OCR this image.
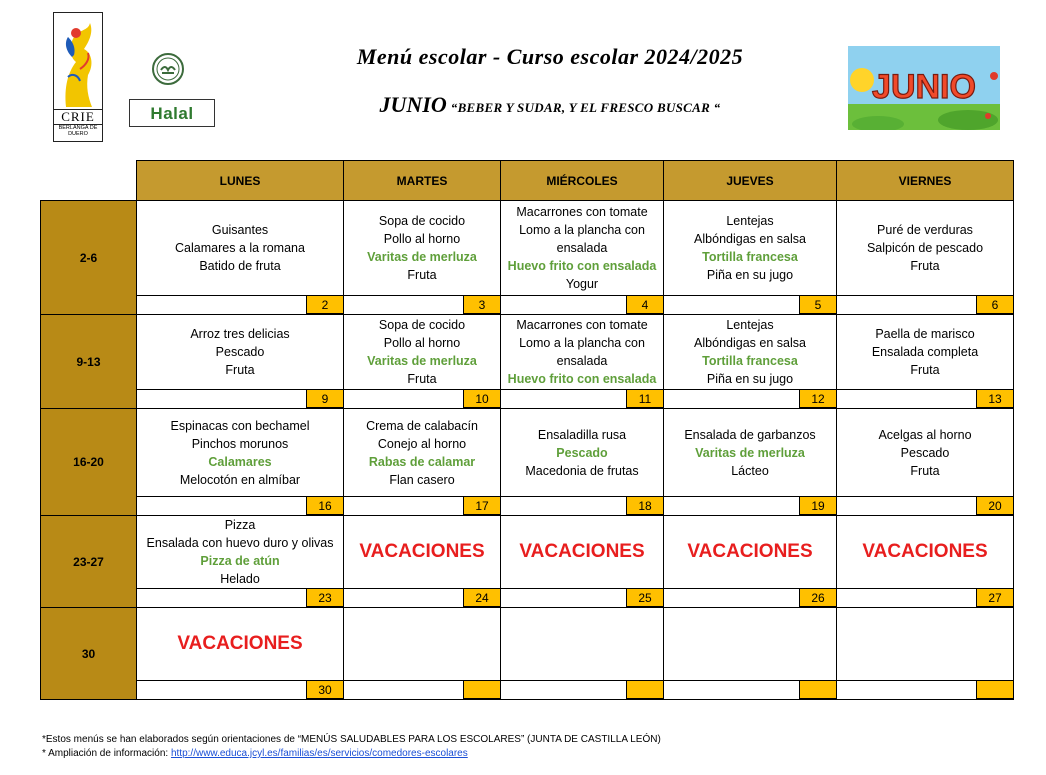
CRIE
BERLANGA DE DUERO
Halal
Menú escolar - Curso escolar 2024/2025
JUNIO “BEBER Y SUDAR, Y EL FRESCO BUSCAR “
JUNIO
	LUNES	MARTES	MIÉRCOLES	JUEVES	VIERNES
2-6	Guisantes
Calamares a la romana
Batido de fruta	Sopa de cocido
Pollo al horno
Varitas de merluza
Fruta	Macarrones con tomate
Lomo a la plancha con
ensalada
Huevo frito con ensalada
Yogur	Lentejas
Albóndigas en salsa
Tortilla francesa
Piña en su jugo	Puré de verduras
Salpicón de pescado
Fruta

	2	3	4	5	6

9-13	Arroz tres delicias
Pescado
Fruta	Sopa de cocido
Pollo al horno
Varitas de merluza
Fruta	Macarrones con tomate
Lomo a la plancha con
ensalada
Huevo frito con ensalada	Lentejas
Albóndigas en salsa
Tortilla francesa
Piña en su jugo	Paella de marisco
Ensalada completa
Fruta

	9	10	11	12	13

16-20	Espinacas con bechamel
Pinchos morunos
Calamares
Melocotón en almíbar	Crema de calabacín
Conejo al horno
Rabas de calamar
Flan casero	Ensaladilla rusa
Pescado
Macedonia de frutas	Ensalada de garbanzos
Varitas de merluza
Lácteo	Acelgas al horno
Pescado
Fruta

	16	17	18	19	20

23-27	Pizza
Ensalada con huevo duro y olivas
Pizza de atún
Helado	VACACIONES	VACACIONES	VACACIONES	VACACIONES

	23	24	25	26	27

30	VACACIONES				

	30				

*Estos menús se han elaborados según orientaciones de “MENÚS SALUDABLES PARA LOS ESCOLARES” (JUNTA DE CASTILLA LEÓN)
* Ampliación de información: http://www.educa.jcyl.es/familias/es/servicios/comedores-escolares
